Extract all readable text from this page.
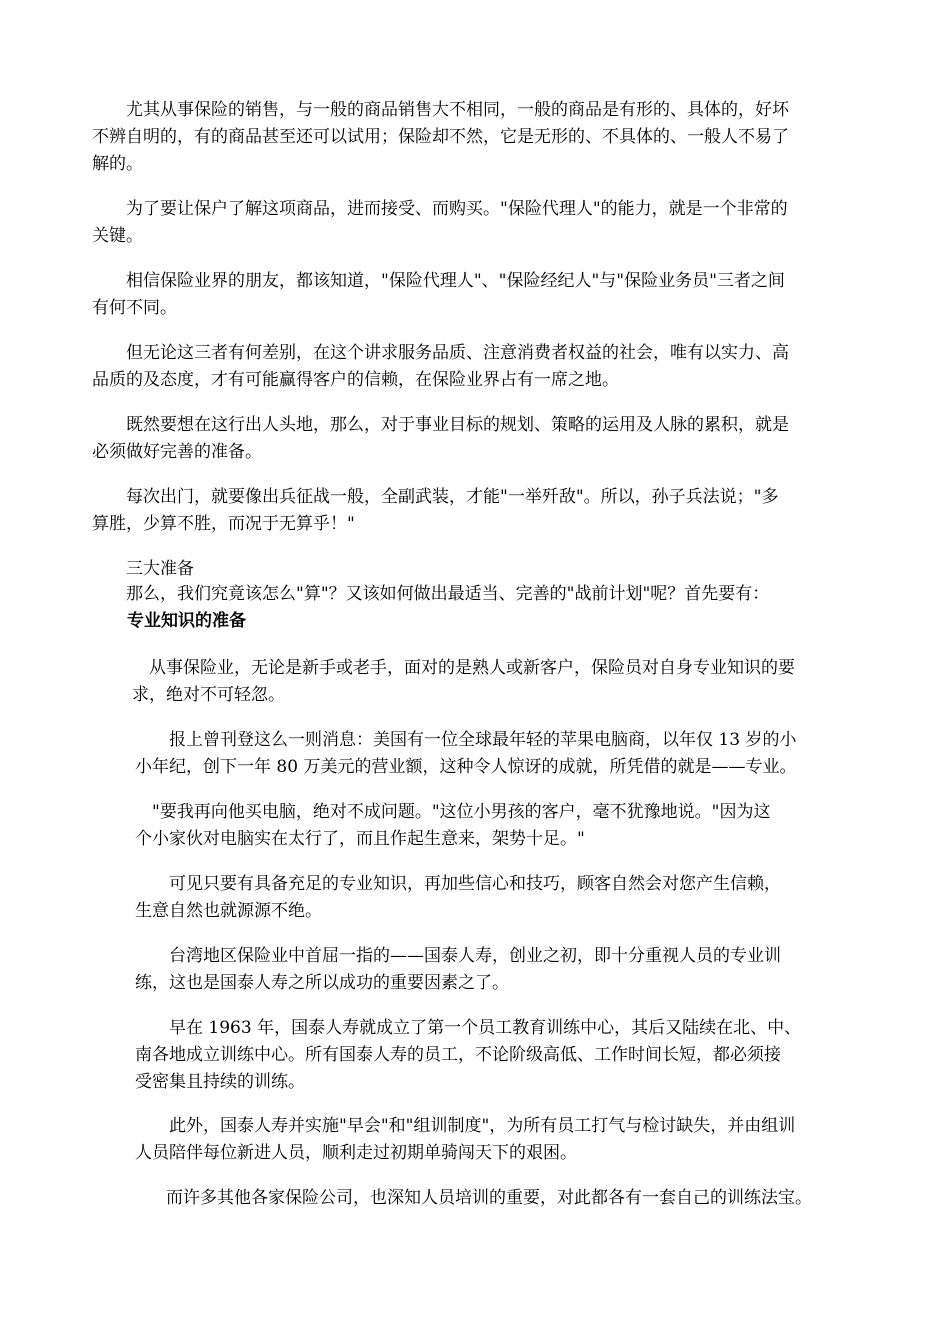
　　尤其从事保险的销售，与一般的商品销售大不相同，一般的商品是有形的、具体的，好坏
不辨自明的，有的商品甚至还可以试用；保险却不然，它是无形的、不具体的、一般人不易了
解的。
　　为了要让保户了解这项商品，进而接受、而购买。"保险代理人"的能力，就是一个非常的
关键。
　　相信保险业界的朋友，都该知道，"保险代理人"、"保险经纪人"与"保险业务员"三者之间
有何不同。
　　但无论这三者有何差别，在这个讲求服务品质、注意消费者权益的社会，唯有以实力、高
品质的及态度，才有可能赢得客户的信赖，在保险业界占有一席之地。
　　既然要想在这行出人头地，那么，对于事业目标的规划、策略的运用及人脉的累积，就是
必须做好完善的准备。
　　每次出门，就要像出兵征战一般，全副武装，才能"一举歼敌"。所以，孙子兵法说；"多
算胜，少算不胜，而况于无算乎！"
　　三大准备
　　那么，我们究竟该怎么"算"？又该如何做出最适当、完善的"战前计划"呢？首先要有：
专业知识的准备
　从事保险业，无论是新手或老手，面对的是熟人或新客户，保险员对自身专业知识的要
求，绝对不可轻忽。
　　报上曾刊登这么一则消息：美国有一位全球最年轻的苹果电脑商，以年仅 13 岁的小
小年纪，创下一年 80 万美元的营业额，这种令人惊讶的成就，所凭借的就是——专业。
　"要我再向他买电脑，绝对不成问题。"这位小男孩的客户，毫不犹豫地说。"因为这
个小家伙对电脑实在太行了，而且作起生意来，架势十足。"
　　可见只要有具备充足的专业知识，再加些信心和技巧，顾客自然会对您产生信赖，
生意自然也就源源不绝。
　　台湾地区保险业中首屈一指的——国泰人寿，创业之初，即十分重视人员的专业训
练，这也是国泰人寿之所以成功的重要因素之了。
　　早在 1963 年，国泰人寿就成立了第一个员工教育训练中心，其后又陆续在北、中、
南各地成立训练中心。所有国泰人寿的员工，不论阶级高低、工作时间长短，都必须接
受密集且持续的训练。
　　此外，国泰人寿并实施"早会"和"组训制度"，为所有员工打气与检讨缺失，并由组训
人员陪伴每位新进人员，顺利走过初期单骑闯天下的艰困。
　　而许多其他各家保险公司，也深知人员培训的重要，对此都各有一套自己的训练法宝。
